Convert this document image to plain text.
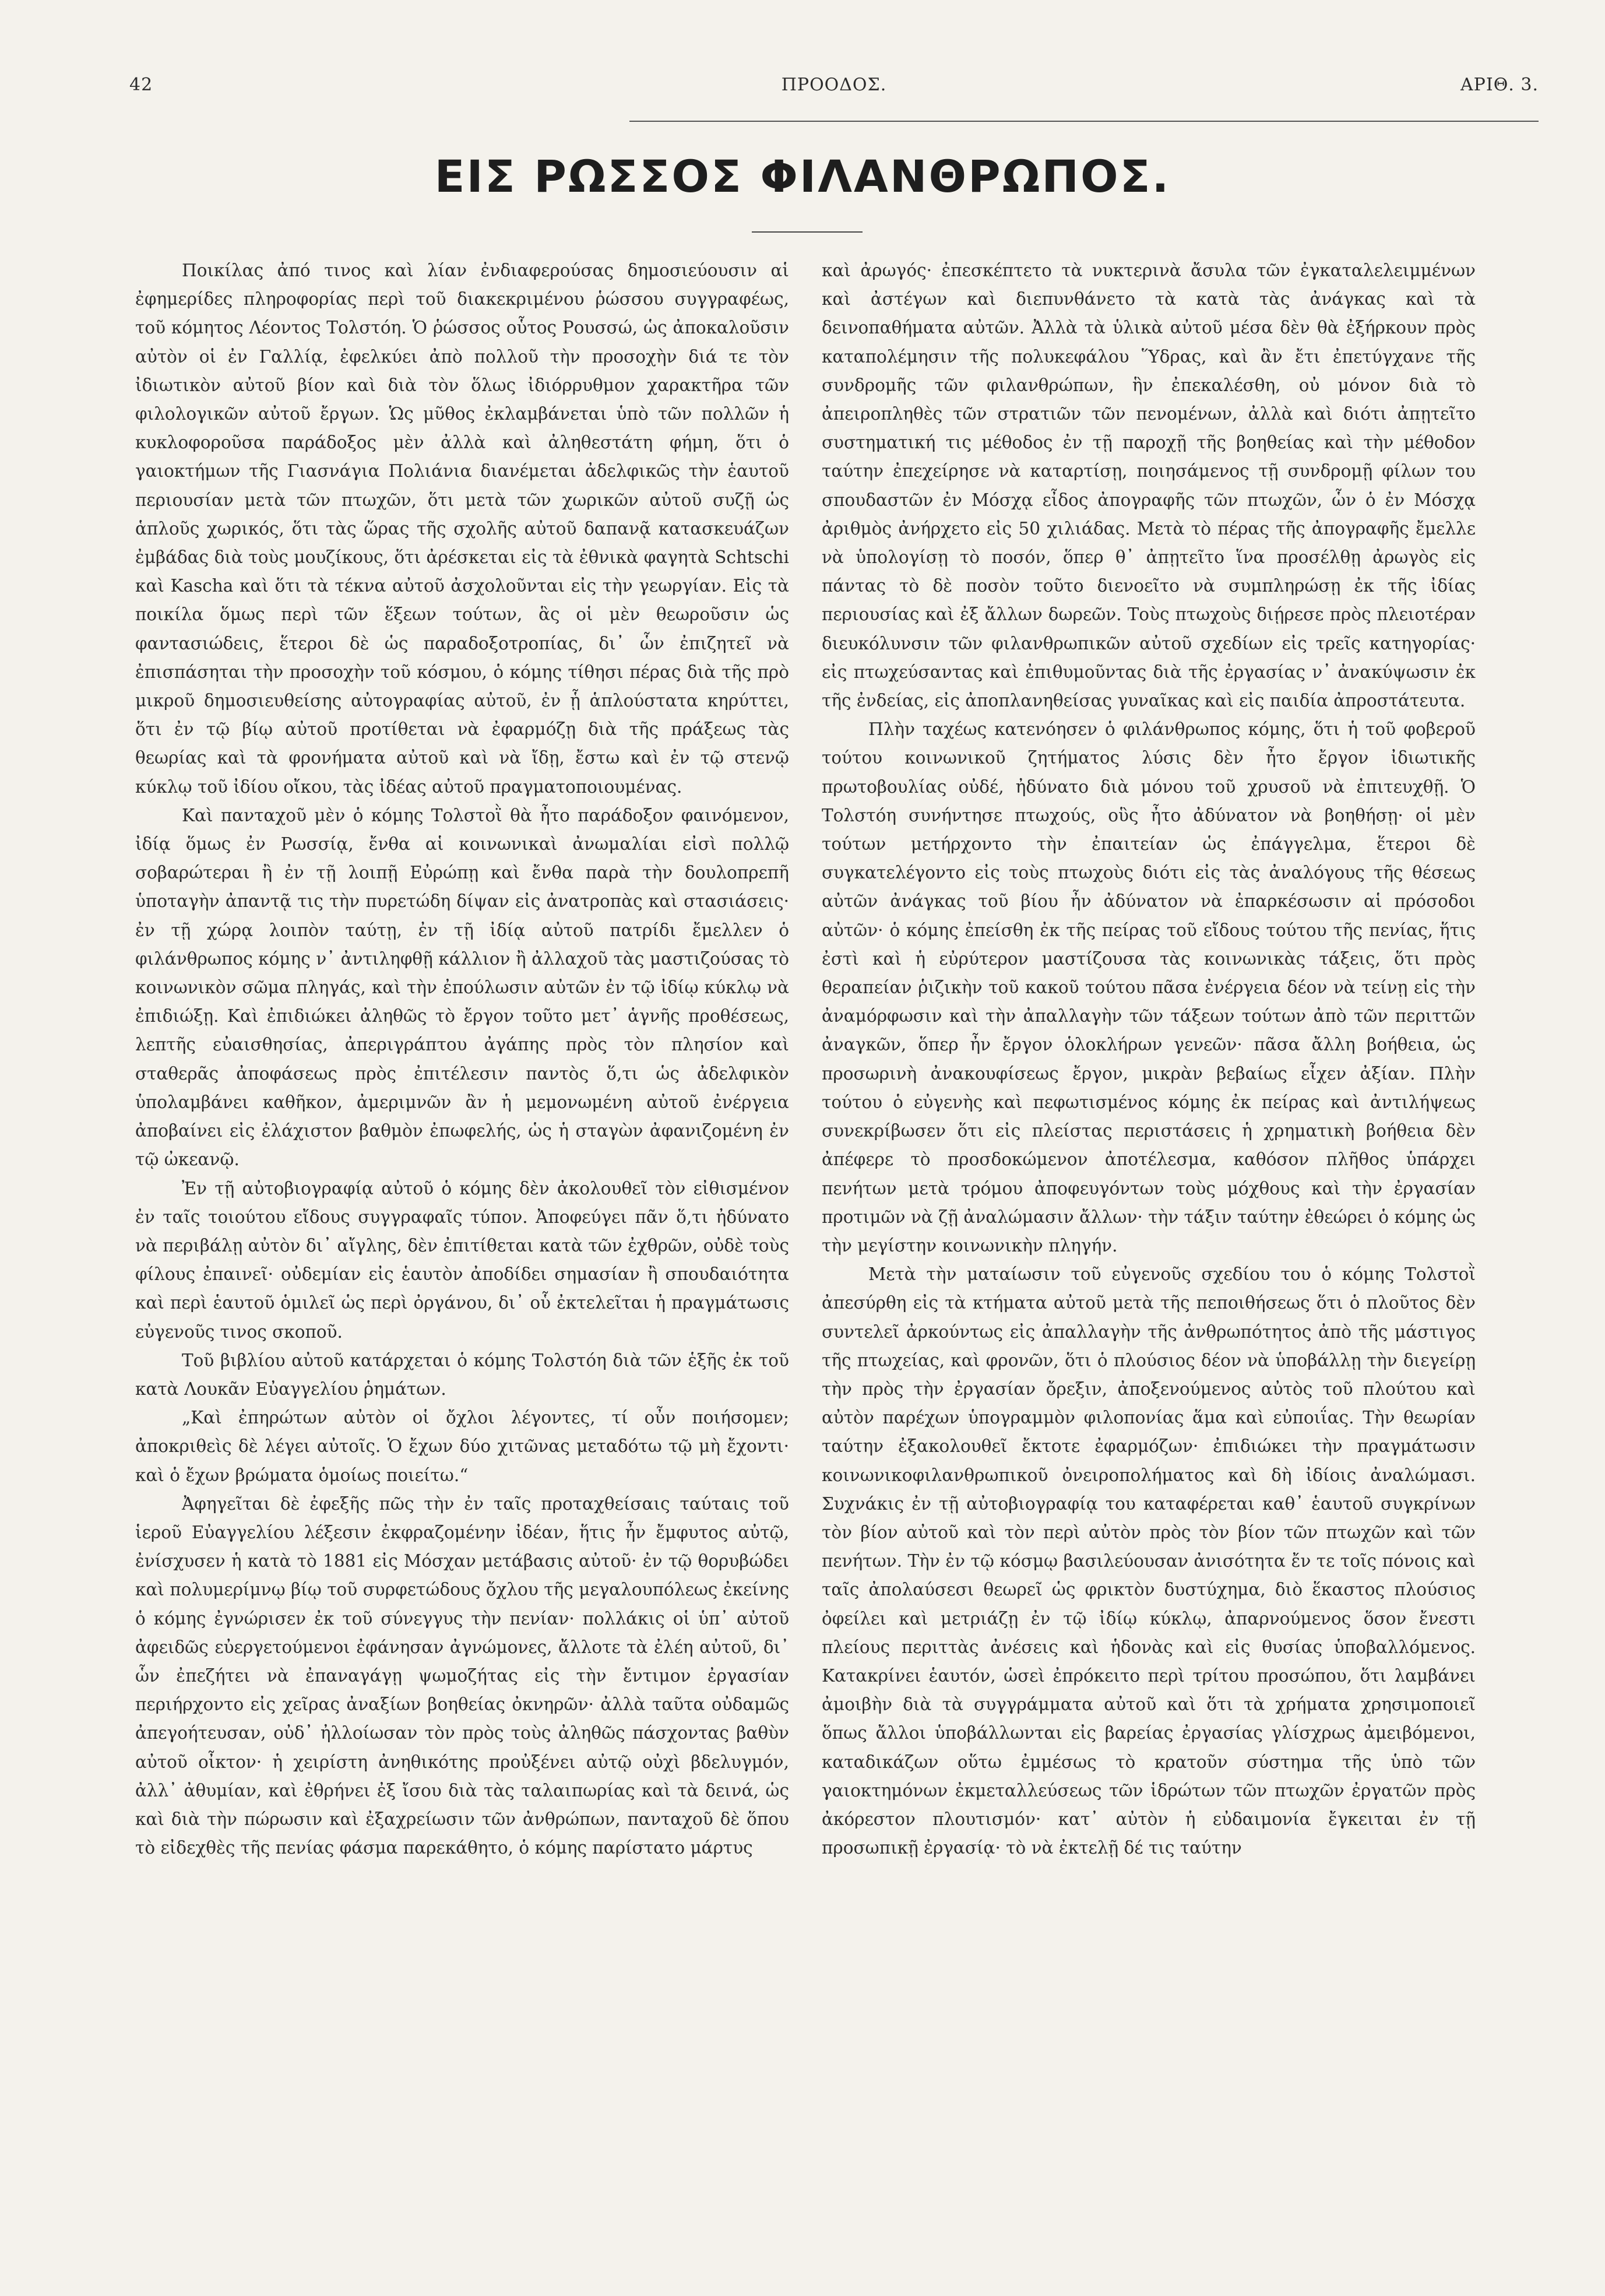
42	ΠΡΟΟΔΟΣ.	ΑΡΙΘ. 3.
ΕΙΣ ΡΩΣΣΟΣ ΦΙΛΑΝΘΡΩΠΟΣ.

Ποικίλας ἀπό τινος καὶ λίαν ἐνδιαφερούσας δημοσιεύουσιν αἱ ἐφημερίδες πληροφορίας περὶ τοῦ διακεκριμένου ῥώσσου συγγραφέως, τοῦ κόμητος Λέοντος Τολστόη. Ὁ ῥώσσος οὗτος Ρουσσώ, ὡς ἀποκαλοῦσιν αὐτὸν οἱ ἐν Γαλλίᾳ, ἐφελκύει ἀπὸ πολλοῦ τὴν προσοχὴν διά τε τὸν ἰδιωτικὸν αὐτοῦ βίον καὶ διὰ τὸν ὅλως ἰδιόρρυθμον χαρακτῆρα τῶν φιλολογικῶν αὐτοῦ ἔργων. Ὡς μῦθος ἐκλαμβάνεται ὑπὸ τῶν πολλῶν ἡ κυκλοφοροῦσα παράδοξος μὲν ἀλλὰ καὶ ἀληθεστάτη φήμη, ὅτι ὁ γαιοκτήμων τῆς Γιασνάγια Πολιάνια διανέμεται ἀδελφικῶς τὴν ἑαυτοῦ περιουσίαν μετὰ τῶν πτωχῶν, ὅτι μετὰ τῶν χωρικῶν αὐτοῦ συζῇ ὡς ἁπλοῦς χωρικός, ὅτι τὰς ὥρας τῆς σχολῆς αὐτοῦ δαπανᾷ κατασκευάζων ἐμβάδας διὰ τοὺς μουζίκους, ὅτι ἀρέσκεται εἰς τὰ ἐθνικὰ φαγητὰ Schtschi καὶ Kascha καὶ ὅτι τὰ τέκνα αὐτοῦ ἀσχολοῦνται εἰς τὴν γεωργίαν. Εἰς τὰ ποικίλα ὅμως περὶ τῶν ἕξεων τούτων, ἃς οἱ μὲν θεωροῦσιν ὡς φαντασιώδεις, ἕτεροι δὲ ὡς παραδοξοτροπίας, δι᾽ ὧν ἐπιζητεῖ νὰ ἐπισπάσηται τὴν προσοχὴν τοῦ κόσμου, ὁ κόμης τίθησι πέρας διὰ τῆς πρὸ μικροῦ δημοσιευθείσης αὐτογραφίας αὐτοῦ, ἐν ᾗ ἁπλούστατα κηρύττει, ὅτι ἐν τῷ βίῳ αὐτοῦ προτίθεται νὰ ἐφαρμόζῃ διὰ τῆς πράξεως τὰς θεωρίας καὶ τὰ φρονήματα αὐτοῦ καὶ νὰ ἴδῃ, ἔστω καὶ ἐν τῷ στενῷ κύκλῳ τοῦ ἰδίου οἴκου, τὰς ἰδέας αὐτοῦ πραγματοποιουμένας.

Καὶ πανταχοῦ μὲν ὁ κόμης Τολστοῒ θὰ ἦτο παράδοξον φαινόμενον, ἰδίᾳ ὅμως ἐν Ρωσσίᾳ, ἔνθα αἱ κοινωνικαὶ ἀνωμαλίαι εἰσὶ πολλῷ σοβαρώτεραι ἢ ἐν τῇ λοιπῇ Εὐρώπῃ καὶ ἔνθα παρὰ τὴν δουλοπρεπῆ ὑποταγὴν ἀπαντᾷ τις τὴν πυρετώδη δίψαν εἰς ἀνατροπὰς καὶ στασιάσεις· ἐν τῇ χώρᾳ λοιπὸν ταύτῃ, ἐν τῇ ἰδίᾳ αὐτοῦ πατρίδι ἔμελλεν ὁ φιλάνθρωπος κόμης ν᾽ ἀντιληφθῇ κάλλιον ἢ ἀλλαχοῦ τὰς μαστιζούσας τὸ κοινωνικὸν σῶμα πληγάς, καὶ τὴν ἐπούλωσιν αὐτῶν ἐν τῷ ἰδίῳ κύκλῳ νὰ ἐπιδιώξῃ. Καὶ ἐπιδιώκει ἀληθῶς τὸ ἔργον τοῦτο μετ᾽ ἁγνῆς προθέσεως, λεπτῆς εὐαισθησίας, ἀπεριγράπτου ἀγάπης πρὸς τὸν πλησίον καὶ σταθερᾶς ἀποφάσεως πρὸς ἐπιτέλεσιν παντὸς ὅ,τι ὡς ἀδελφικὸν ὑπολαμβάνει καθῆκον, ἀμεριμνῶν ἂν ἡ μεμονωμένη αὐτοῦ ἐνέργεια ἀποβαίνει εἰς ἐλάχιστον βαθμὸν ἐπωφελής, ὡς ἡ σταγὼν ἀφανιζομένη ἐν τῷ ὠκεανῷ.

Ἐν τῇ αὐτοβιογραφίᾳ αὐτοῦ ὁ κόμης δὲν ἀκολουθεῖ τὸν εἰθισμένον ἐν ταῖς τοιούτου εἴδους συγγραφαῖς τύπον. Ἀποφεύγει πᾶν ὅ,τι ἠδύνατο νὰ περιβάλῃ αὐτὸν δι᾽ αἴγλης, δὲν ἐπιτίθεται κατὰ τῶν ἐχθρῶν, οὐδὲ τοὺς φίλους ἐπαινεῖ· οὐδεμίαν εἰς ἑαυτὸν ἀποδίδει σημασίαν ἢ σπουδαιότητα καὶ περὶ ἑαυτοῦ ὁμιλεῖ ὡς περὶ ὀργάνου, δι᾽ οὗ ἐκτελεῖται ἡ πραγμάτωσις εὐγενοῦς τινος σκοποῦ.

Τοῦ βιβλίου αὐτοῦ κατάρχεται ὁ κόμης Τολστόη διὰ τῶν ἑξῆς ἐκ τοῦ κατὰ Λουκᾶν Εὐαγγελίου ῥημάτων.

„Καὶ ἐπηρώτων αὐτὸν οἱ ὄχλοι λέγοντες, τί οὖν ποιήσομεν; ἀποκριθεὶς δὲ λέγει αὐτοῖς. Ὁ ἔχων δύο χιτῶνας μεταδότω τῷ μὴ ἔχοντι· καὶ ὁ ἔχων βρώματα ὁμοίως ποιείτω.“

Ἀφηγεῖται δὲ ἐφεξῆς πῶς τὴν ἐν ταῖς προταχθείσαις ταύταις τοῦ ἱεροῦ Εὐαγγελίου λέξεσιν ἐκφραζομένην ἰδέαν, ἥτις ἦν ἔμφυτος αὐτῷ, ἐνίσχυσεν ἡ κατὰ τὸ 1881 εἰς Μόσχαν μετάβασις αὐτοῦ· ἐν τῷ θορυβώδει καὶ πολυμερίμνῳ βίῳ τοῦ συρφετώδους ὄχλου τῆς μεγαλουπόλεως ἐκείνης ὁ κόμης ἐγνώρισεν ἐκ τοῦ σύνεγγυς τὴν πενίαν· πολλάκις οἱ ὑπ᾽ αὐτοῦ ἀφειδῶς εὐεργετούμενοι ἐφάνησαν ἀγνώμονες, ἄλλοτε τὰ ἐλέη αὐτοῦ, δι᾽ ὧν ἐπεζήτει νὰ ἐπαναγάγῃ ψωμοζήτας εἰς τὴν ἔντιμον ἐργασίαν περιήρχοντο εἰς χεῖρας ἀναξίων βοηθείας ὀκνηρῶν· ἀλλὰ ταῦτα οὐδαμῶς ἀπεγοήτευσαν, οὐδ᾽ ἠλλοίωσαν τὸν πρὸς τοὺς ἀληθῶς πάσχοντας βαθὺν αὐτοῦ οἶκτον· ἡ χειρίστη ἀνηθικότης προὐξένει αὐτῷ οὐχὶ βδελυγμόν, ἀλλ᾽ ἀθυμίαν, καὶ ἐθρήνει ἐξ ἴσου διὰ τὰς ταλαιπωρίας καὶ τὰ δεινά, ὡς καὶ διὰ τὴν πώρωσιν καὶ ἐξαχρείωσιν τῶν ἀνθρώπων, πανταχοῦ δὲ ὅπου τὸ εἰδεχθὲς τῆς πενίας φάσμα παρεκάθητο, ὁ κόμης παρίστατο μάρτυς

καὶ ἀρωγός· ἐπεσκέπτετο τὰ νυκτερινὰ ἄσυλα τῶν ἐγκαταλελειμμένων καὶ ἀστέγων καὶ διεπυνθάνετο τὰ κατὰ τὰς ἀνάγκας καὶ τὰ δεινοπαθήματα αὐτῶν. Ἀλλὰ τὰ ὑλικὰ αὐτοῦ μέσα δὲν θὰ ἐξήρκουν πρὸς καταπολέμησιν τῆς πολυκεφάλου Ὕδρας, καὶ ἂν ἔτι ἐπετύγχανε τῆς συνδρομῆς τῶν φιλανθρώπων, ἣν ἐπεκαλέσθη, οὐ μόνον διὰ τὸ ἀπειροπληθὲς τῶν στρατιῶν τῶν πενομένων, ἀλλὰ καὶ διότι ἀπῃτεῖτο συστηματική τις μέθοδος ἐν τῇ παροχῇ τῆς βοηθείας καὶ τὴν μέθοδον ταύτην ἐπεχείρησε νὰ καταρτίσῃ, ποιησάμενος τῇ συνδρομῇ φίλων του σπουδαστῶν ἐν Μόσχᾳ εἶδος ἀπογραφῆς τῶν πτωχῶν, ὧν ὁ ἐν Μόσχᾳ ἀριθμὸς ἀνήρχετο εἰς 50 χιλιάδας. Μετὰ τὸ πέρας τῆς ἀπογραφῆς ἔμελλε νὰ ὑπολογίσῃ τὸ ποσόν, ὅπερ θ᾽ ἀπῃτεῖτο ἵνα προσέλθῃ ἀρωγὸς εἰς πάντας τὸ δὲ ποσὸν τοῦτο διενοεῖτο νὰ συμπληρώσῃ ἐκ τῆς ἰδίας περιουσίας καὶ ἐξ ἄλλων δωρεῶν. Τοὺς πτωχοὺς διῄρεσε πρὸς πλειοτέραν διευκόλυνσιν τῶν φιλανθρωπικῶν αὐτοῦ σχεδίων εἰς τρεῖς κατηγορίας· εἰς πτωχεύσαντας καὶ ἐπιθυμοῦντας διὰ τῆς ἐργασίας ν᾽ ἀνακύψωσιν ἐκ τῆς ἐνδείας, εἰς ἀποπλανηθείσας γυναῖκας καὶ εἰς παιδία ἀπροστάτευτα.

Πλὴν ταχέως κατενόησεν ὁ φιλάνθρωπος κόμης, ὅτι ἡ τοῦ φοβεροῦ τούτου κοινωνικοῦ ζητήματος λύσις δὲν ἦτο ἔργον ἰδιωτικῆς πρωτοβουλίας οὐδέ, ἠδύνατο διὰ μόνου τοῦ χρυσοῦ νὰ ἐπιτευχθῇ. Ὁ Τολστόη συνήντησε πτωχούς, οὓς ἦτο ἀδύνατον νὰ βοηθήσῃ· οἱ μὲν τούτων μετήρχοντο τὴν ἐπαιτείαν ὡς ἐπάγγελμα, ἕτεροι δὲ συγκατελέγοντο εἰς τοὺς πτωχοὺς διότι εἰς τὰς ἀναλόγους τῆς θέσεως αὐτῶν ἀνάγκας τοῦ βίου ἦν ἀδύνατον νὰ ἐπαρκέσωσιν αἱ πρόσοδοι αὐτῶν· ὁ κόμης ἐπείσθη ἐκ τῆς πείρας τοῦ εἴδους τούτου τῆς πενίας, ἥτις ἐστὶ καὶ ἡ εὐρύτερον μαστίζουσα τὰς κοινωνικὰς τάξεις, ὅτι πρὸς θεραπείαν ῥιζικὴν τοῦ κακοῦ τούτου πᾶσα ἐνέργεια δέον νὰ τείνῃ εἰς τὴν ἀναμόρφωσιν καὶ τὴν ἀπαλλαγὴν τῶν τάξεων τούτων ἀπὸ τῶν περιττῶν ἀναγκῶν, ὅπερ ἦν ἔργον ὁλοκλήρων γενεῶν· πᾶσα ἄλλη βοήθεια, ὡς προσωρινὴ ἀνακουφίσεως ἔργον, μικρὰν βεβαίως εἶχεν ἀξίαν. Πλὴν τούτου ὁ εὐγενὴς καὶ πεφωτισμένος κόμης ἐκ πείρας καὶ ἀντιλήψεως συνεκρίβωσεν ὅτι εἰς πλείστας περιστάσεις ἡ χρηματικὴ βοήθεια δὲν ἀπέφερε τὸ προσδοκώμενον ἀποτέλεσμα, καθόσον πλῆθος ὑπάρχει πενήτων μετὰ τρόμου ἀποφευγόντων τοὺς μόχθους καὶ τὴν ἐργασίαν προτιμῶν νὰ ζῇ ἀναλώμασιν ἄλλων· τὴν τάξιν ταύτην ἐθεώρει ὁ κόμης ὡς τὴν μεγίστην κοινωνικὴν πληγήν.

Μετὰ τὴν ματαίωσιν τοῦ εὐγενοῦς σχεδίου του ὁ κόμης Τολστοῒ ἀπεσύρθη εἰς τὰ κτήματα αὐτοῦ μετὰ τῆς πεποιθήσεως ὅτι ὁ πλοῦτος δὲν συντελεῖ ἀρκούντως εἰς ἀπαλλαγὴν τῆς ἀνθρωπότητος ἀπὸ τῆς μάστιγος τῆς πτωχείας, καὶ φρονῶν, ὅτι ὁ πλούσιος δέον νὰ ὑποβάλλῃ τὴν διεγείρῃ τὴν πρὸς τὴν ἐργασίαν ὄρεξιν, ἀποξενούμενος αὐτὸς τοῦ πλούτου καὶ αὐτὸν παρέχων ὑπογραμμὸν φιλοπονίας ἅμα καὶ εὐποιΐας. Τὴν θεωρίαν ταύτην ἐξακολουθεῖ ἔκτοτε ἐφαρμόζων· ἐπιδιώκει τὴν πραγμάτωσιν κοινωνικοφιλανθρωπικοῦ ὀνειροπολήματος καὶ δὴ ἰδίοις ἀναλώμασι. Συχνάκις ἐν τῇ αὐτοβιογραφίᾳ του καταφέρεται καθ᾽ ἑαυτοῦ συγκρίνων τὸν βίον αὐτοῦ καὶ τὸν περὶ αὐτὸν πρὸς τὸν βίον τῶν πτωχῶν καὶ τῶν πενήτων. Τὴν ἐν τῷ κόσμῳ βασιλεύουσαν ἀνισότητα ἔν τε τοῖς πόνοις καὶ ταῖς ἀπολαύσεσι θεωρεῖ ὡς φρικτὸν δυστύχημα, διὸ ἕκαστος πλούσιος ὀφείλει καὶ μετριάζῃ ἐν τῷ ἰδίῳ κύκλῳ, ἀπαρνούμενος ὅσον ἔνεστι πλείους περιττὰς ἀνέσεις καὶ ἡδονὰς καὶ εἰς θυσίας ὑποβαλλόμενος. Κατακρίνει ἑαυτόν, ὡσεὶ ἐπρόκειτο περὶ τρίτου προσώπου, ὅτι λαμβάνει ἀμοιβὴν διὰ τὰ συγγράμματα αὐτοῦ καὶ ὅτι τὰ χρήματα χρησιμοποιεῖ ὅπως ἄλλοι ὑποβάλλωνται εἰς βαρείας ἐργασίας γλίσχρως ἀμειβόμενοι, καταδικάζων οὕτω ἐμμέσως τὸ κρατοῦν σύστημα τῆς ὑπὸ τῶν γαιοκτημόνων ἐκμεταλλεύσεως τῶν ἱδρώτων τῶν πτωχῶν ἐργατῶν πρὸς ἀκόρεστον πλουτισμόν· κατ᾽ αὐτὸν ἡ εὐδαιμονία ἔγκειται ἐν τῇ προσωπικῇ ἐργασίᾳ· τὸ νὰ ἐκτελῇ δέ τις ταύτην
